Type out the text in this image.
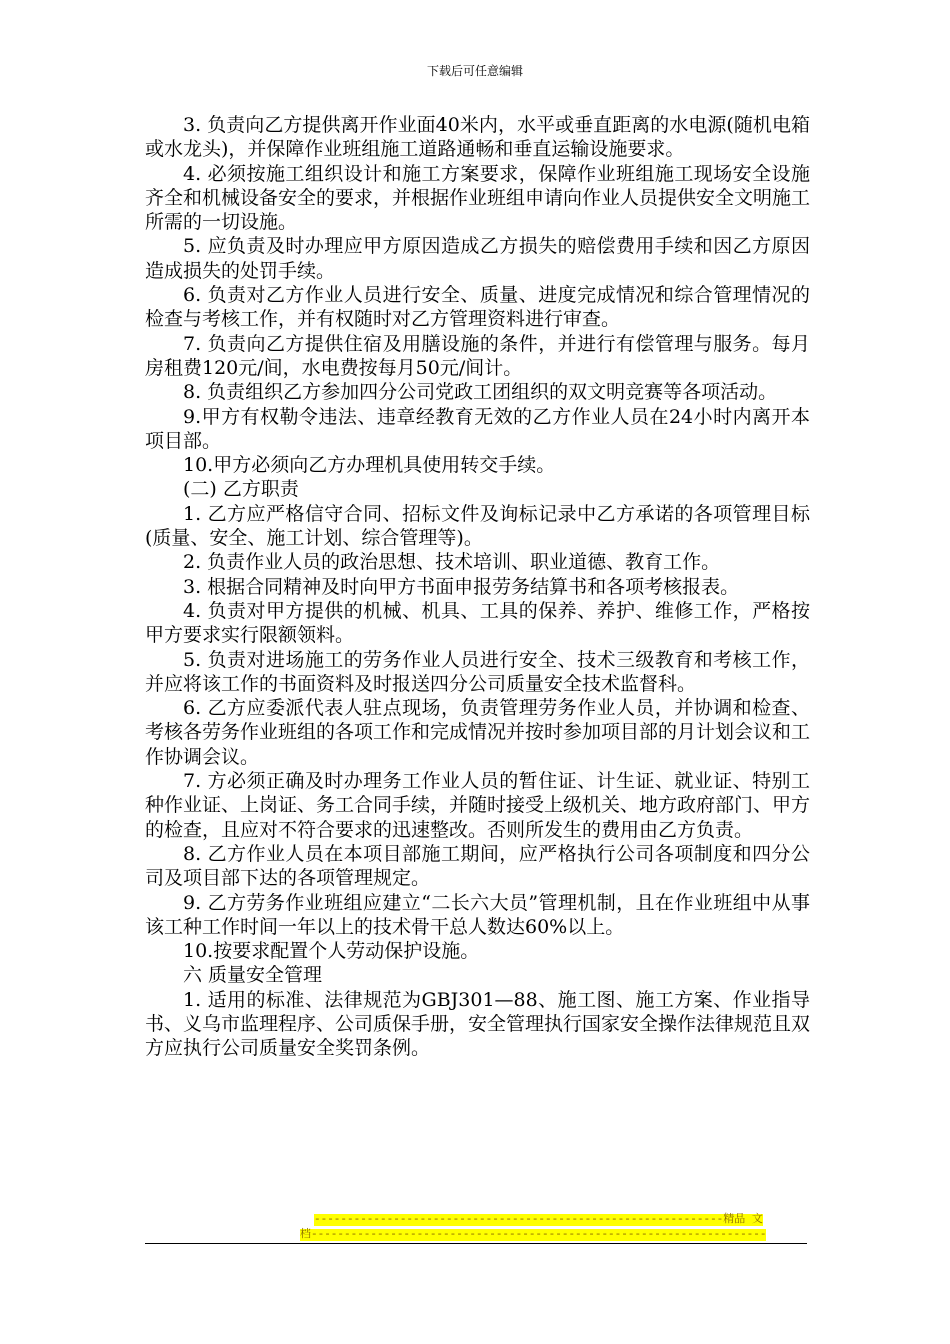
下载后可任意编辑

3. 负责向乙方提供离开作业面40米内，水平或垂直距离的水电源(随机电箱或水龙头)，并保障作业班组施工道路通畅和垂直运输设施要求。

4. 必须按施工组织设计和施工方案要求，保障作业班组施工现场安全设施齐全和机械设备安全的要求，并根据作业班组申请向作业人员提供安全文明施工所需的一切设施。

5. 应负责及时办理应甲方原因造成乙方损失的赔偿费用手续和因乙方原因造成损失的处罚手续。

6. 负责对乙方作业人员进行安全、质量、进度完成情况和综合管理情况的检查与考核工作，并有权随时对乙方管理资料进行审查。

7. 负责向乙方提供住宿及用膳设施的条件，并进行有偿管理与服务。每月房租费120元/间，水电费按每月50元/间计。

8. 负责组织乙方参加四分公司党政工团组织的双文明竞赛等各项活动。

9.甲方有权勒令违法、违章经教育无效的乙方作业人员在24小时内离开本项目部。

10.甲方必须向乙方办理机具使用转交手续。

(二) 乙方职责

1. 乙方应严格信守合同、招标文件及询标记录中乙方承诺的各项管理目标(质量、安全、施工计划、综合管理等)。

2. 负责作业人员的政治思想、技术培训、职业道德、教育工作。

3. 根据合同精神及时向甲方书面申报劳务结算书和各项考核报表。

4. 负责对甲方提供的机械、机具、工具的保养、养护、维修工作，严格按甲方要求实行限额领料。

5. 负责对进场施工的劳务作业人员进行安全、技术三级教育和考核工作，并应将该工作的书面资料及时报送四分公司质量安全技术监督科。

6. 乙方应委派代表人驻点现场，负责管理劳务作业人员，并协调和检查、考核各劳务作业班组的各项工作和完成情况并按时参加项目部的月计划会议和工作协调会议。

7. 方必须正确及时办理务工作业人员的暂住证、计生证、就业证、特别工种作业证、上岗证、务工合同手续，并随时接受上级机关、地方政府部门、甲方的检查，且应对不符合要求的迅速整改。否则所发生的费用由乙方负责。

8. 乙方作业人员在本项目部施工期间，应严格执行公司各项制度和四分公司及项目部下达的各项管理规定。

9. 乙方劳务作业班组应建立“二长六大员”管理机制，且在作业班组中从事该工种工作时间一年以上的技术骨干总人数达60%以上。

10.按要求配置个人劳动保护设施。

六 质量安全管理

1. 适用的标准、法律规范为GBJ301—88、施工图、施工方案、作业指导书、义乌市监理程序、公司质保手册，安全管理执行国家安全操作法律规范且双方应执行公司质量安全奖罚条例。

--------------------------------------------------------------精品 文
档---------------------------------------------------------------------
